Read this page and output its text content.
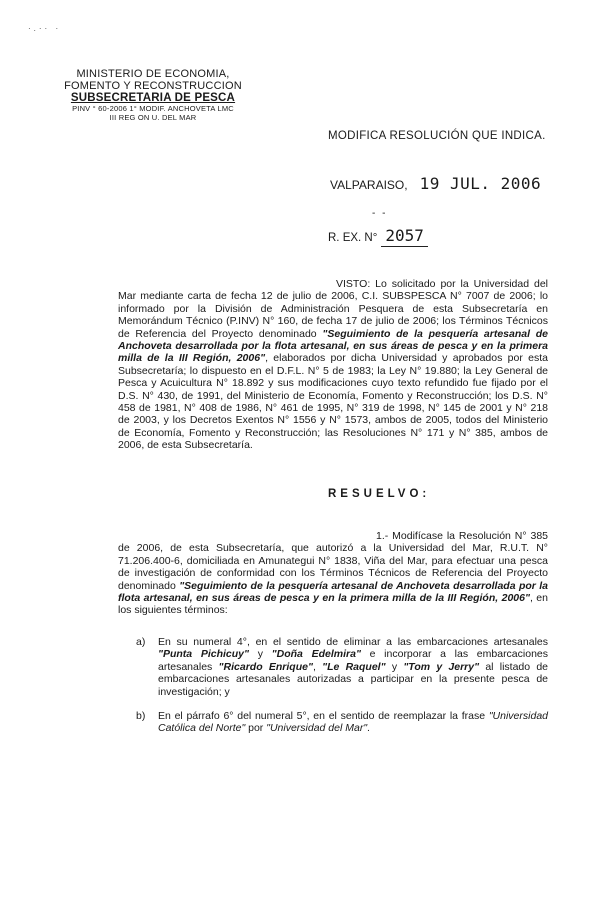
·.·· ·
MINISTERIO DE ECONOMIA,
FOMENTO Y RECONSTRUCCION
SUBSECRETARIA DE PESCA
PINV ° 60-2006 1° MODIF. ANCHOVETA LMC
III REG ON U. DEL MAR
MODIFICA RESOLUCIÓN QUE INDICA.
VALPARAISO, 19 JUL. 2006
- -
R. EX. N° 2057
VISTO: Lo solicitado por la Universidad del Mar mediante carta de fecha 12 de julio de 2006, C.I. SUBSPESCA N° 7007 de 2006; lo informado por la División de Administración Pesquera de esta Subsecretaría en Memorándum Técnico (P.INV) N° 160, de fecha 17 de julio de 2006; los Términos Técnicos de Referencia del Proyecto denominado "Seguimiento de la pesquería artesanal de Anchoveta desarrollada por la flota artesanal, en sus áreas de pesca y en la primera milla de la III Región, 2006", elaborados por dicha Universidad y aprobados por esta Subsecretaría; lo dispuesto en el D.F.L. N° 5 de 1983; la Ley N° 19.880; la Ley General de Pesca y Acuicultura N° 18.892 y sus modificaciones cuyo texto refundido fue fijado por el D.S. N° 430, de 1991, del Ministerio de Economía, Fomento y Reconstrucción; los D.S. N° 458 de 1981, N° 408 de 1986, N° 461 de 1995, N° 319 de 1998, N° 145 de 2001 y N° 218 de 2003, y los Decretos Exentos N° 1556 y N° 1573, ambos de 2005, todos del Ministerio de Economía, Fomento y Reconstrucción; las Resoluciones N° 171 y N° 385, ambos de 2006, de esta Subsecretaría.
RESUELVO:
1.- Modifícase la Resolución N° 385 de 2006, de esta Subsecretaría, que autorizó a la Universidad del Mar, R.U.T. N° 71.206.400-6, domiciliada en Amunategui N° 1838, Viña del Mar, para efectuar una pesca de investigación de conformidad con los Términos Técnicos de Referencia del Proyecto denominado "Seguimiento de la pesquería artesanal de Anchoveta desarrollada por la flota artesanal, en sus áreas de pesca y en la primera milla de la III Región, 2006", en los siguientes términos:
a) En su numeral 4°, en el sentido de eliminar a las embarcaciones artesanales "Punta Pichicuy" y "Doña Edelmira" e incorporar a las embarcaciones artesanales "Ricardo Enrique", "Le Raquel" y "Tom y Jerry" al listado de embarcaciones artesanales autorizadas a participar en la presente pesca de investigación; y
b) En el párrafo 6° del numeral 5°, en el sentido de reemplazar la frase "Universidad Católica del Norte" por "Universidad del Mar".
